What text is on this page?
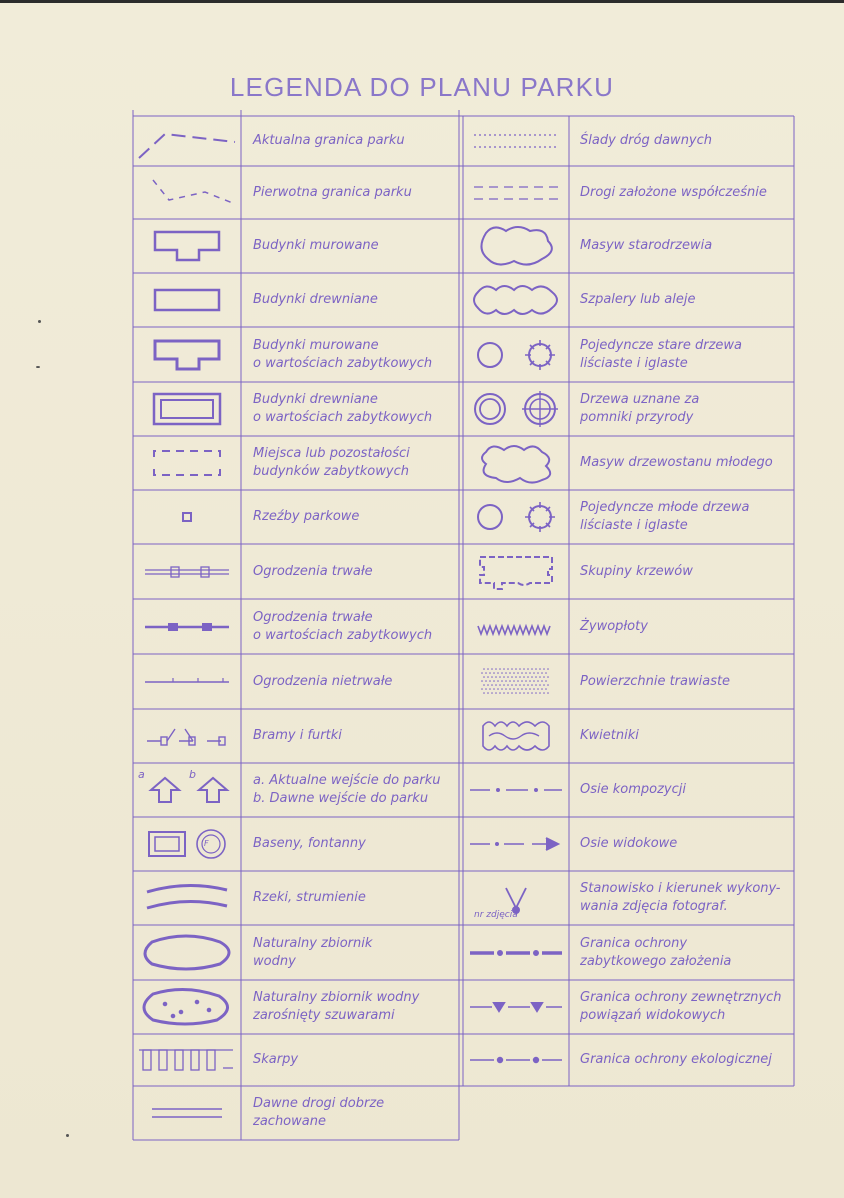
LEGENDA DO PLANU PARKU
Aktualna granica parku
Pierwotna granica parku
Budynki murowane
Budynki drewniane
Budynki murowane
o wartościach zabytkowych
Budynki drewniane
o wartościach zabytkowych
Miejsca lub pozostałości
budynków zabytkowych
Rzeźby parkowe
Ogrodzenia trwałe
Ogrodzenia trwałe
o wartościach zabytkowych
Ogrodzenia nietrwałe
Bramy i furtki
a. Aktualne wejście do parku
b. Dawne wejście do parku
Baseny, fontanny
Rzeki, strumienie
Naturalny zbiornik
wodny
Naturalny zbiornik wodny
zarośnięty szuwarami
Skarpy
Dawne drogi dobrze
zachowane
Ślady dróg dawnych
Drogi założone współcześnie
Masyw starodrzewia
Szpalery lub aleje
Pojedyncze stare drzewa
liściaste i iglaste
Drzewa uznane za
pomniki przyrody
Masyw drzewostanu młodego
Pojedyncze młode drzewa
liściaste i iglaste
Skupiny krzewów
Żywopłoty
Powierzchnie trawiaste
Kwietniki
Osie kompozycji
Osie widokowe
Stanowisko i kierunek wykony-
wania zdjęcia fotograf.
Granica ochrony
zabytkowego założenia
Granica ochrony zewnętrznych
powiązań widokowych
Granica ochrony ekologicznej
a	b
F
nr zdjęcia
